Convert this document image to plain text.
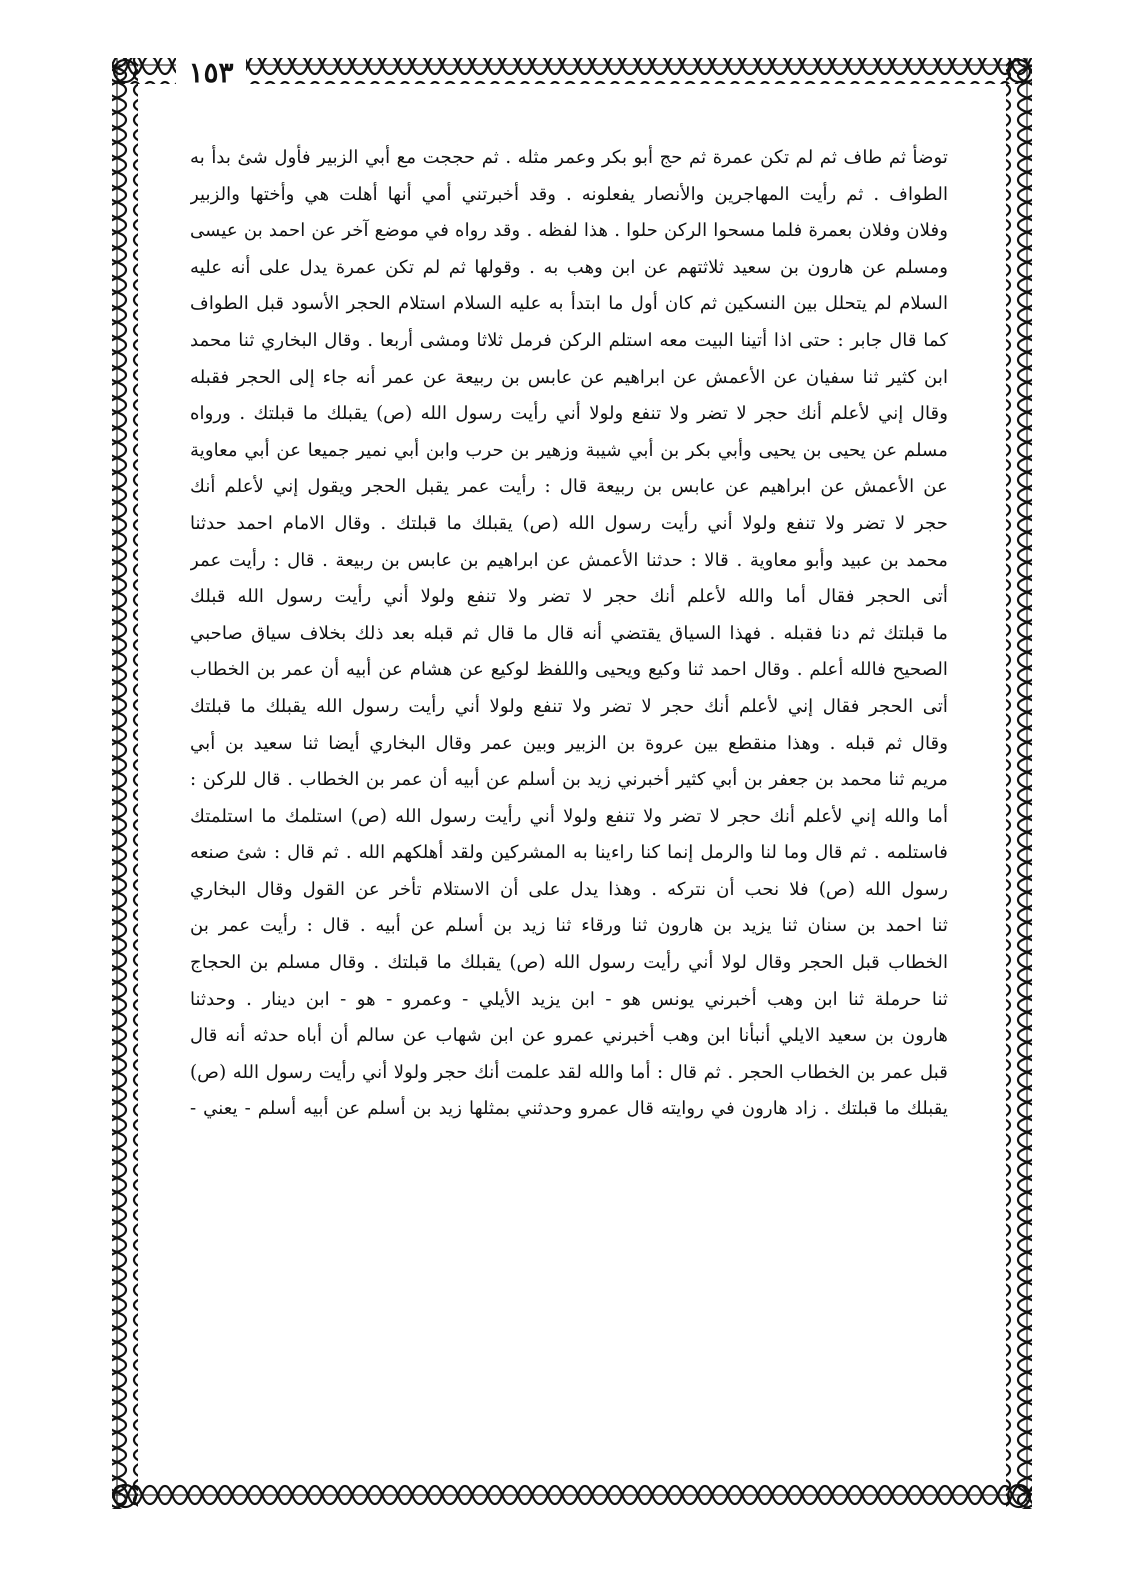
١٥٣
توضأ ثم طاف ثم لم تكن عمرة ثم حج أبو بكر وعمر مثله . ثم حججت مع أبي الزبير فأول شئ بدأ به
الطواف . ثم رأيت المهاجرين والأنصار يفعلونه . وقد أخبرتني أمي أنها أهلت هي وأختها والزبير
وفلان وفلان بعمرة فلما مسحوا الركن حلوا . هذا لفظه . وقد رواه في موضع آخر عن احمد بن عيسى
ومسلم عن هارون بن سعيد ثلاثتهم عن ابن وهب به . وقولها ثم لم تكن عمرة يدل على أنه عليه
السلام لم يتحلل بين النسكين ثم كان أول ما ابتدأ به عليه السلام استلام الحجر الأسود قبل الطواف
كما قال جابر : حتى اذا أتينا البيت معه استلم الركن فرمل ثلاثا ومشى أربعا . وقال البخاري ثنا محمد
ابن كثير ثنا سفيان عن الأعمش عن ابراهيم عن عابس بن ربيعة عن عمر أنه جاء إلى الحجر فقبله
وقال إني لأعلم أنك حجر لا تضر ولا تنفع ولولا أني رأيت رسول الله (ص) يقبلك ما قبلتك . ورواه
مسلم عن يحيى بن يحيى وأبي بكر بن أبي شيبة وزهير بن حرب وابن أبي نمير جميعا عن أبي معاوية
عن الأعمش عن ابراهيم عن عابس بن ربيعة قال : رأيت عمر يقبل الحجر ويقول إني لأعلم أنك
حجر لا تضر ولا تنفع ولولا أني رأيت رسول الله (ص) يقبلك ما قبلتك . وقال الامام احمد حدثنا
محمد بن عبيد وأبو معاوية . قالا : حدثنا الأعمش عن ابراهيم بن عابس بن ربيعة . قال : رأيت عمر
أتى الحجر فقال أما والله لأعلم أنك حجر لا تضر ولا تنفع ولولا أني رأيت رسول الله قبلك
ما قبلتك ثم دنا فقبله . فهذا السياق يقتضي أنه قال ما قال ثم قبله بعد ذلك بخلاف سياق صاحبي
الصحيح فالله أعلم . وقال احمد ثنا وكيع ويحيى واللفظ لوكيع عن هشام عن أبيه أن عمر بن الخطاب
أتى الحجر فقال إني لأعلم أنك حجر لا تضر ولا تنفع ولولا أني رأيت رسول الله يقبلك ما قبلتك
وقال ثم قبله . وهذا منقطع بين عروة بن الزبير وبين عمر وقال البخاري أيضا ثنا سعيد بن أبي
مريم ثنا محمد بن جعفر بن أبي كثير أخبرني زيد بن أسلم عن أبيه أن عمر بن الخطاب . قال للركن :
أما والله إني لأعلم أنك حجر لا تضر ولا تنفع ولولا أني رأيت رسول الله (ص) استلمك ما استلمتك
فاستلمه . ثم قال وما لنا والرمل إنما كنا راءينا به المشركين ولقد أهلكهم الله . ثم قال : شئ صنعه
رسول الله (ص) فلا نحب أن نتركه . وهذا يدل على أن الاستلام تأخر عن القول وقال البخاري
ثنا احمد بن سنان ثنا يزيد بن هارون ثنا ورقاء ثنا زيد بن أسلم عن أبيه . قال : رأيت عمر بن
الخطاب قبل الحجر وقال لولا أني رأيت رسول الله (ص) يقبلك ما قبلتك . وقال مسلم بن الحجاج
ثنا حرملة ثنا ابن وهب أخبرني يونس هو - ابن يزيد الأيلي - وعمرو - هو - ابن دينار . وحدثنا
هارون بن سعيد الايلي أنبأنا ابن وهب أخبرني عمرو عن ابن شهاب عن سالم أن أباه حدثه أنه قال
قبل عمر بن الخطاب الحجر . ثم قال : أما والله لقد علمت أنك حجر ولولا أني رأيت رسول الله (ص)
يقبلك ما قبلتك . زاد هارون في روايته قال عمرو وحدثني بمثلها زيد بن أسلم عن أبيه أسلم - يعني -
